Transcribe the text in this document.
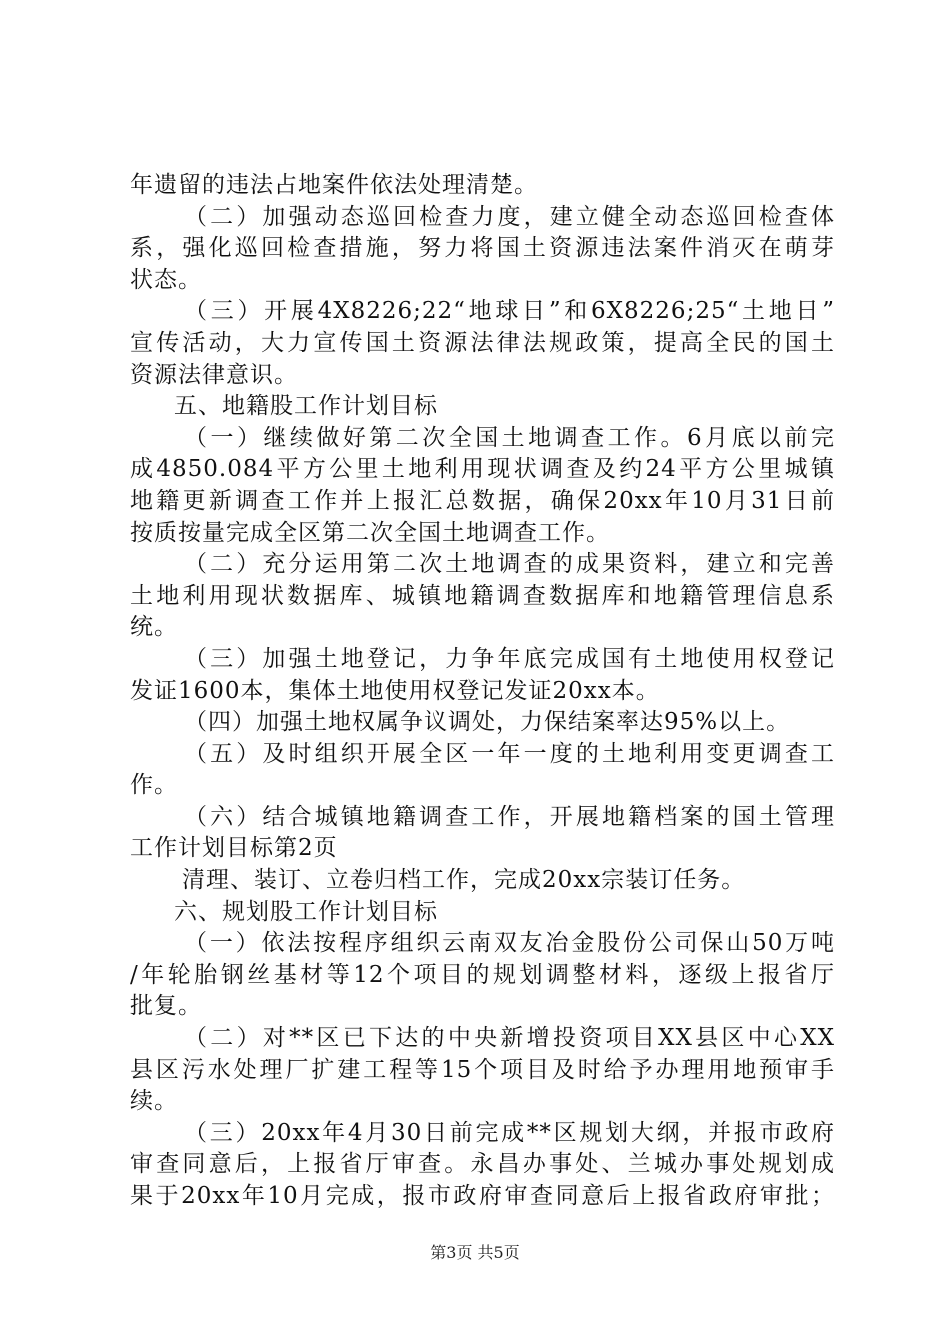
年遗留的违法占地案件依法处理清楚。
（二）加强动态巡回检查力度，建立健全动态巡回检查体
系，强化巡回检查措施，努力将国土资源违法案件消灭在萌芽
状态。
（三）开展4X8226;22“地球日”和6X8226;25“土地日”
宣传活动，大力宣传国土资源法律法规政策，提高全民的国土
资源法律意识。
五、地籍股工作计划目标
（一）继续做好第二次全国土地调查工作。6月底以前完
成4850.084平方公里土地利用现状调查及约24平方公里城镇
地籍更新调查工作并上报汇总数据，确保20xx年10月31日前
按质按量完成全区第二次全国土地调查工作。
（二）充分运用第二次土地调查的成果资料，建立和完善
土地利用现状数据库、城镇地籍调查数据库和地籍管理信息系
统。
（三）加强土地登记，力争年底完成国有土地使用权登记
发证1600本，集体土地使用权登记发证20xx本。
（四）加强土地权属争议调处，力保结案率达95%以上。
（五）及时组织开展全区一年一度的土地利用变更调查工
作。
（六）结合城镇地籍调查工作，开展地籍档案的国土管理
工作计划目标第2页
清理、装订、立卷归档工作，完成20xx宗装订任务。
六、规划股工作计划目标
（一）依法按程序组织云南双友冶金股份公司保山50万吨
/年轮胎钢丝基材等12个项目的规划调整材料，逐级上报省厅
批复。
（二）对**区已下达的中央新增投资项目XX县区中心XX
县区污水处理厂扩建工程等15个项目及时给予办理用地预审手
续。
（三）20xx年4月30日前完成**区规划大纲，并报市政府
审查同意后，上报省厅审查。永昌办事处、兰城办事处规划成
果于20xx年10月完成，报市政府审查同意后上报省政府审批；
第3页 共5页
